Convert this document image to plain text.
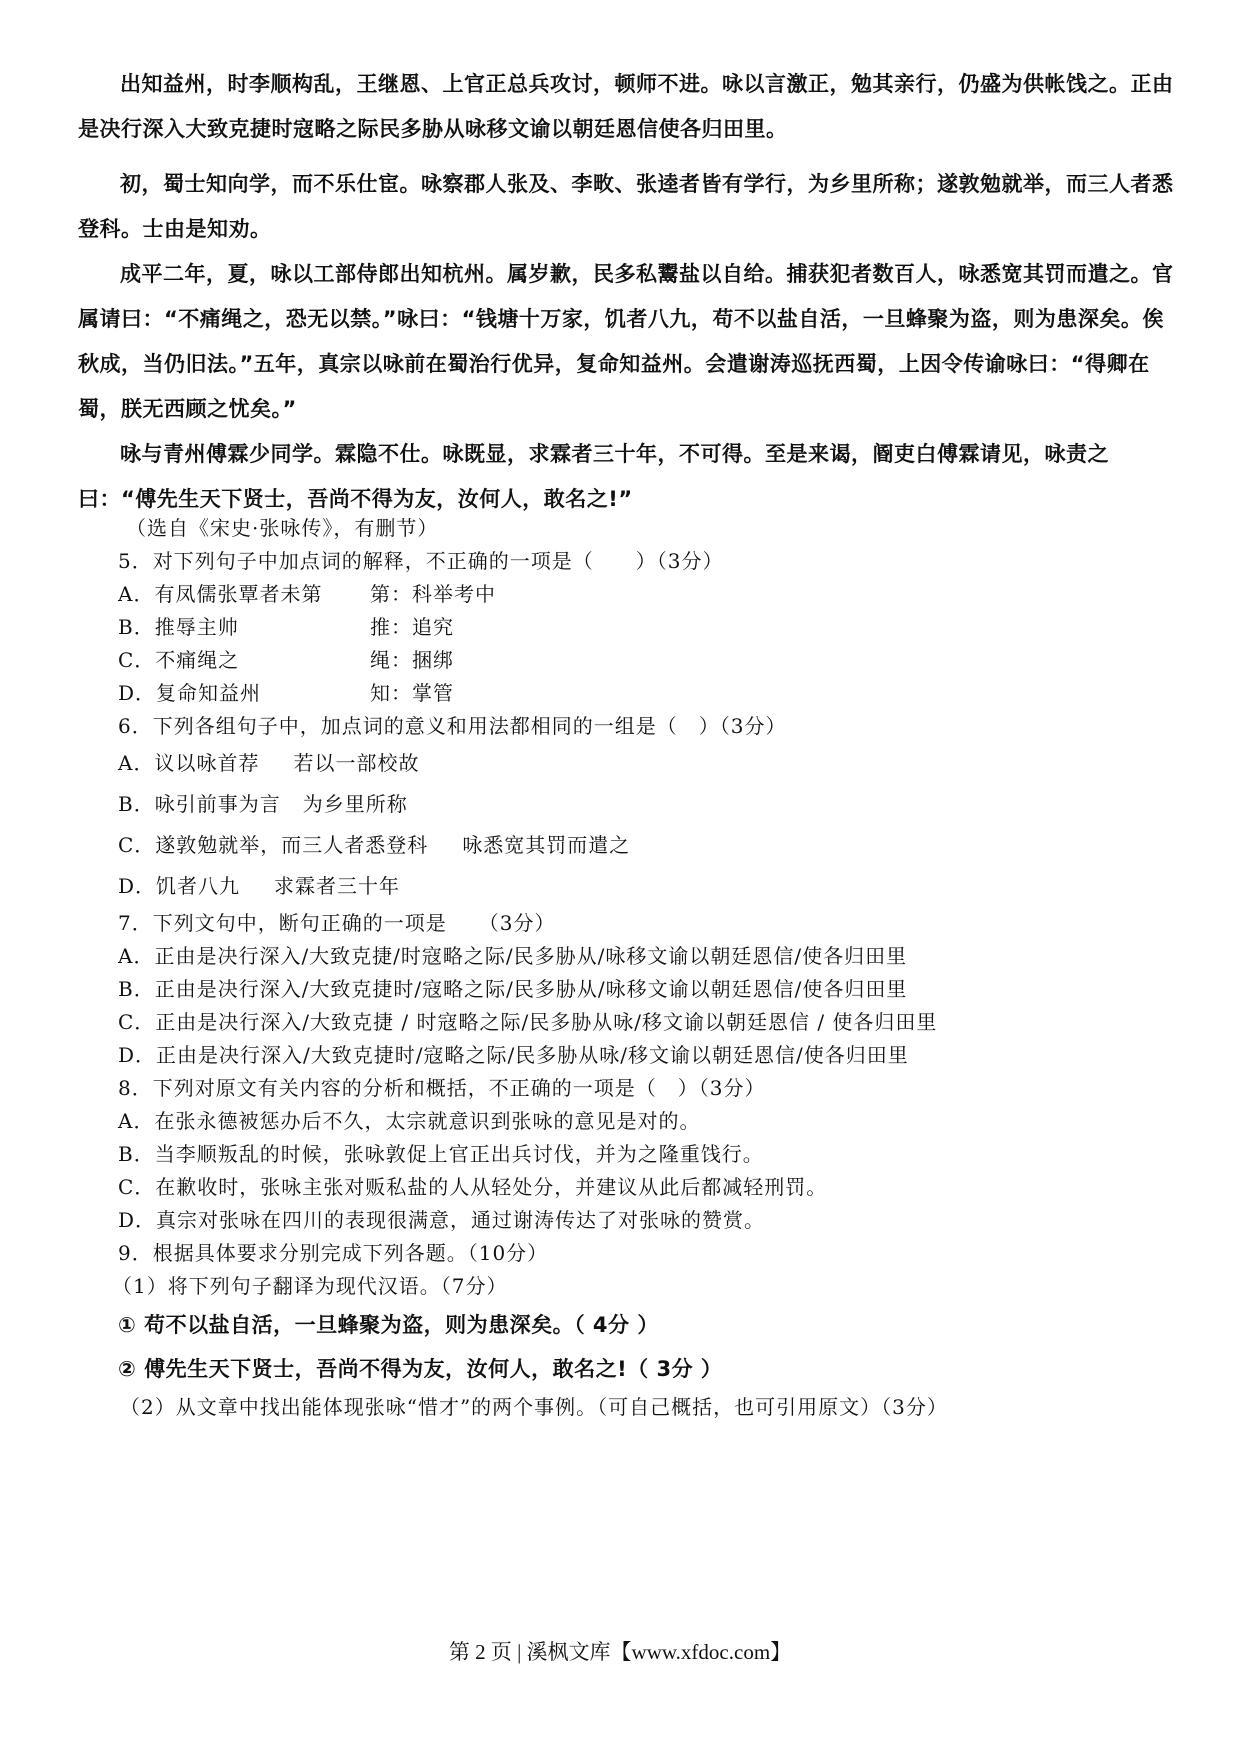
出知益州，时李顺构乱，王继恩、上官正总兵攻讨，顿师不进。咏以言激正，勉其亲行，仍盛为供帐饯之。正由是决行深入大致克捷时寇略之际民多胁从咏移文谕以朝廷恩信使各归田里。

初，蜀士知向学，而不乐仕宦。咏察郡人张及、李畋、张逵者皆有学行，为乡里所称；遂敦勉就举，而三人者悉登科。士由是知劝。

成平二年，夏，咏以工部侍郎出知杭州。属岁歉，民多私鬻盐以自给。捕获犯者数百人，咏悉宽其罚而遣之。官属请曰：“不痛绳之，恐无以禁。”咏曰：“钱塘十万家，饥者八九，苟不以盐自活，一旦蜂聚为盗，则为患深矣。俟秋成，当仍旧法。”五年，真宗以咏前在蜀治行优异，复命知益州。会遣谢涛巡抚西蜀，上因令传谕咏曰：“得卿在蜀，朕无西顾之忧矣。”

咏与青州傅霖少同学。霖隐不仕。咏既显，求霖者三十年，不可得。至是来谒，阍吏白傅霖请见，咏责之曰：“傅先生天下贤士，吾尚不得为友，汝何人，敢名之!”

（选自《宋史·张咏传》，有删节）
5．对下列句子中加点词的解释，不正确的一项是（　　）（3分）
A．有凤儒张覃者未第 第：科举考中
B．推辱主帅	推：追究
C．不痛绳之	绳：捆绑
D．复命知益州	知：掌管
6．下列各组句子中，加点词的意义和用法都相同的一组是（　）（3分）
A．议以咏首荐 若以一部校故
B．咏引前事为言 为乡里所称
C．遂敦勉就举，而三人者悉登科 咏悉宽其罚而遣之
D．饥者八九 求霖者三十年
7．下列文句中，断句正确的一项是　　（3分）
A．正由是决行深入/大致克捷/时寇略之际/民多胁从/咏移文谕以朝廷恩信/使各归田里
B．正由是决行深入/大致克捷时/寇略之际/民多胁从/咏移文谕以朝廷恩信/使各归田里
C．正由是决行深入/大致克捷 / 时寇略之际/民多胁从咏/移文谕以朝廷恩信 / 使各归田里
D．正由是决行深入/大致克捷时/寇略之际/民多胁从咏/移文谕以朝廷恩信/使各归田里
8．下列对原文有关内容的分析和概括，不正确的一项是（　）（3分）
A．在张永德被惩办后不久，太宗就意识到张咏的意见是对的。
B．当李顺叛乱的时候，张咏敦促上官正出兵讨伐，并为之隆重饯行。
C．在歉收时，张咏主张对贩私盐的人从轻处分，并建议从此后都减轻刑罚。
D．真宗对张咏在四川的表现很满意，通过谢涛传达了对张咏的赞赏。
9．根据具体要求分别完成下列各题。（10分）
（1）将下列句子翻译为现代汉语。（7分）
① 苟不以盐自活，一旦蜂聚为盗，则为患深矣。（ 4分 ）
② 傅先生天下贤士，吾尚不得为友，汝何人，敢名之!（ 3分 ）
（2）从文章中找出能体现张咏“惜才”的两个事例。（可自己概括，也可引用原文）（3分）
第 2 页 | 溪枫文库【www.xfdoc.com】
